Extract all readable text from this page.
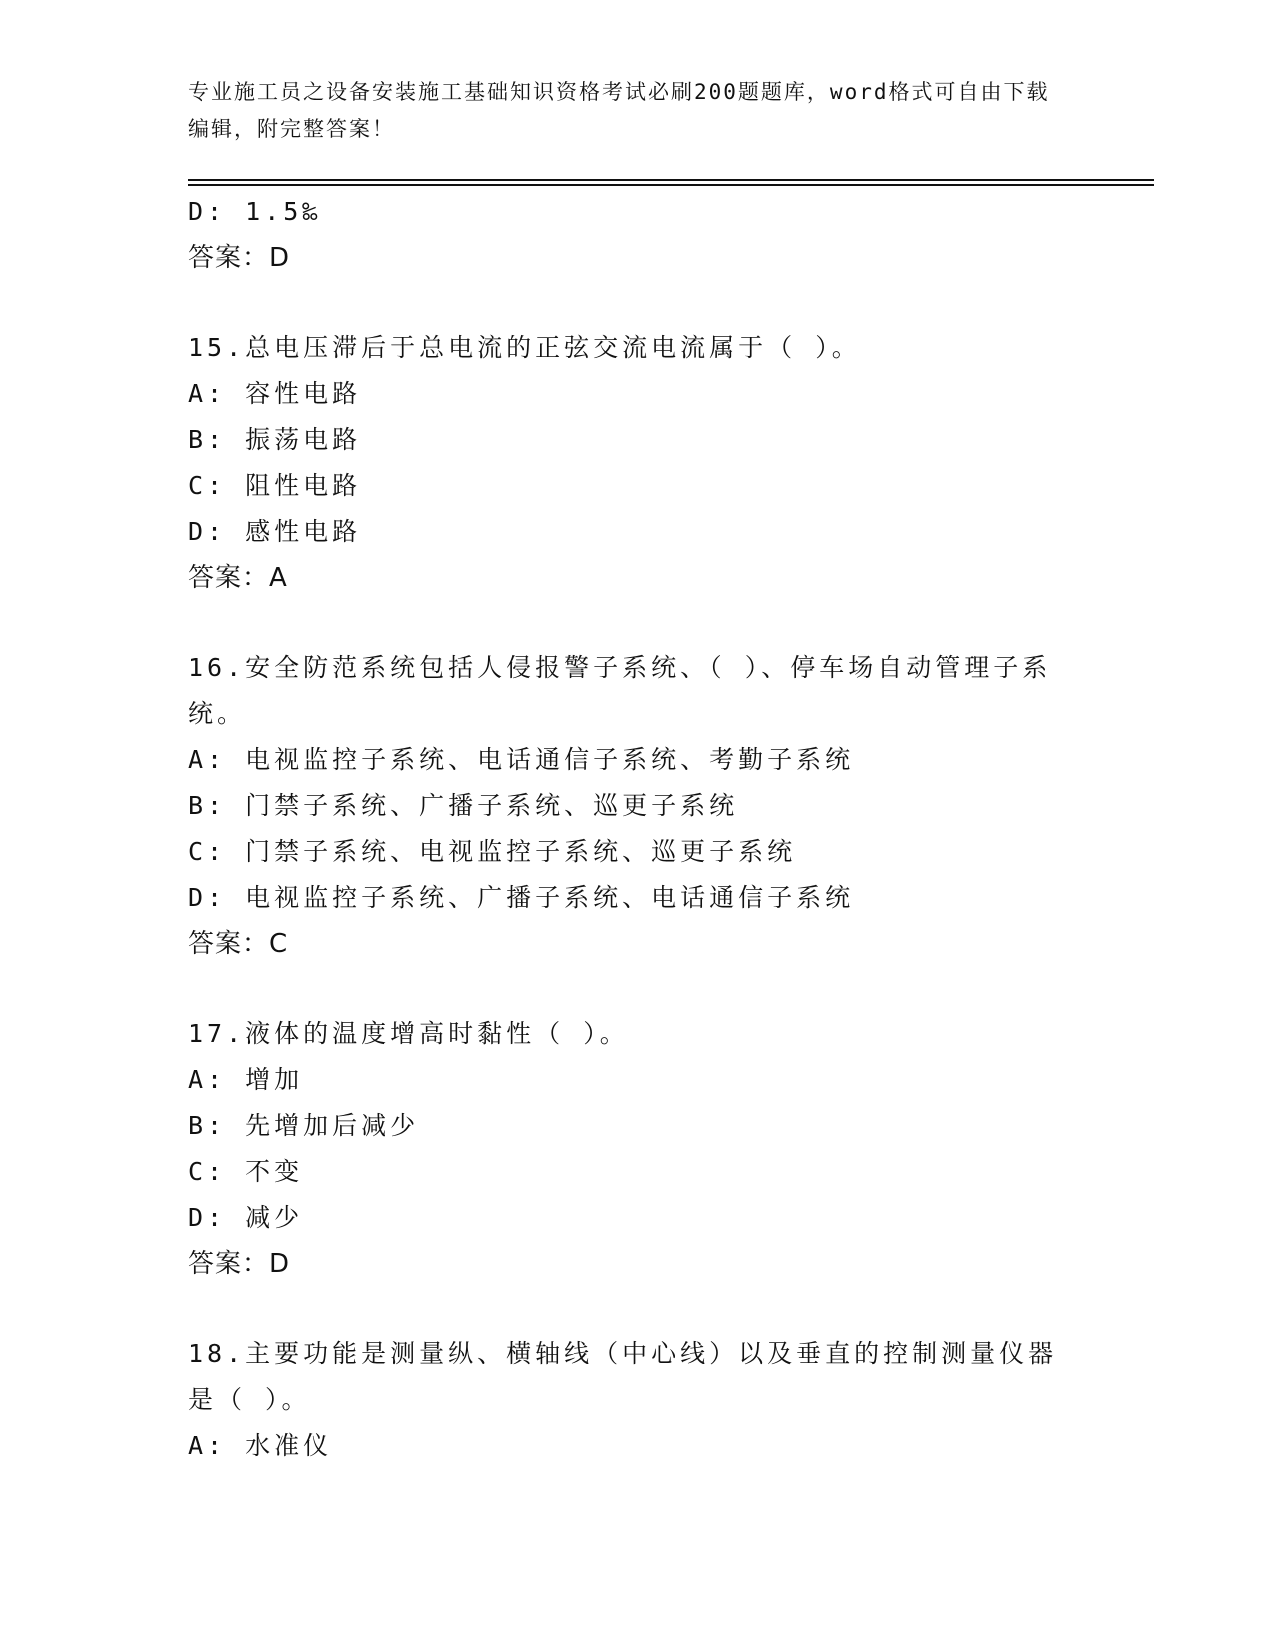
专业施工员之设备安装施工基础知识资格考试必刷200题题库，word格式可自由下载编辑，附完整答案！
D: 1.5‰
答案：D
15.总电压滞后于总电流的正弦交流电流属于（ ）。
A: 容性电路
B: 振荡电路
C: 阻性电路
D: 感性电路
答案：A
16.安全防范系统包括人侵报警子系统、（ ）、停车场自动管理子系统。
A: 电视监控子系统、电话通信子系统、考勤子系统
B: 门禁子系统、广播子系统、巡更子系统
C: 门禁子系统、电视监控子系统、巡更子系统
D: 电视监控子系统、广播子系统、电话通信子系统
答案：C
17.液体的温度增高时黏性（ ）。
A: 增加
B: 先增加后减少
C: 不变
D: 减少
答案：D
18.主要功能是测量纵、横轴线（中心线）以及垂直的控制测量仪器是（ ）。
A: 水准仪
